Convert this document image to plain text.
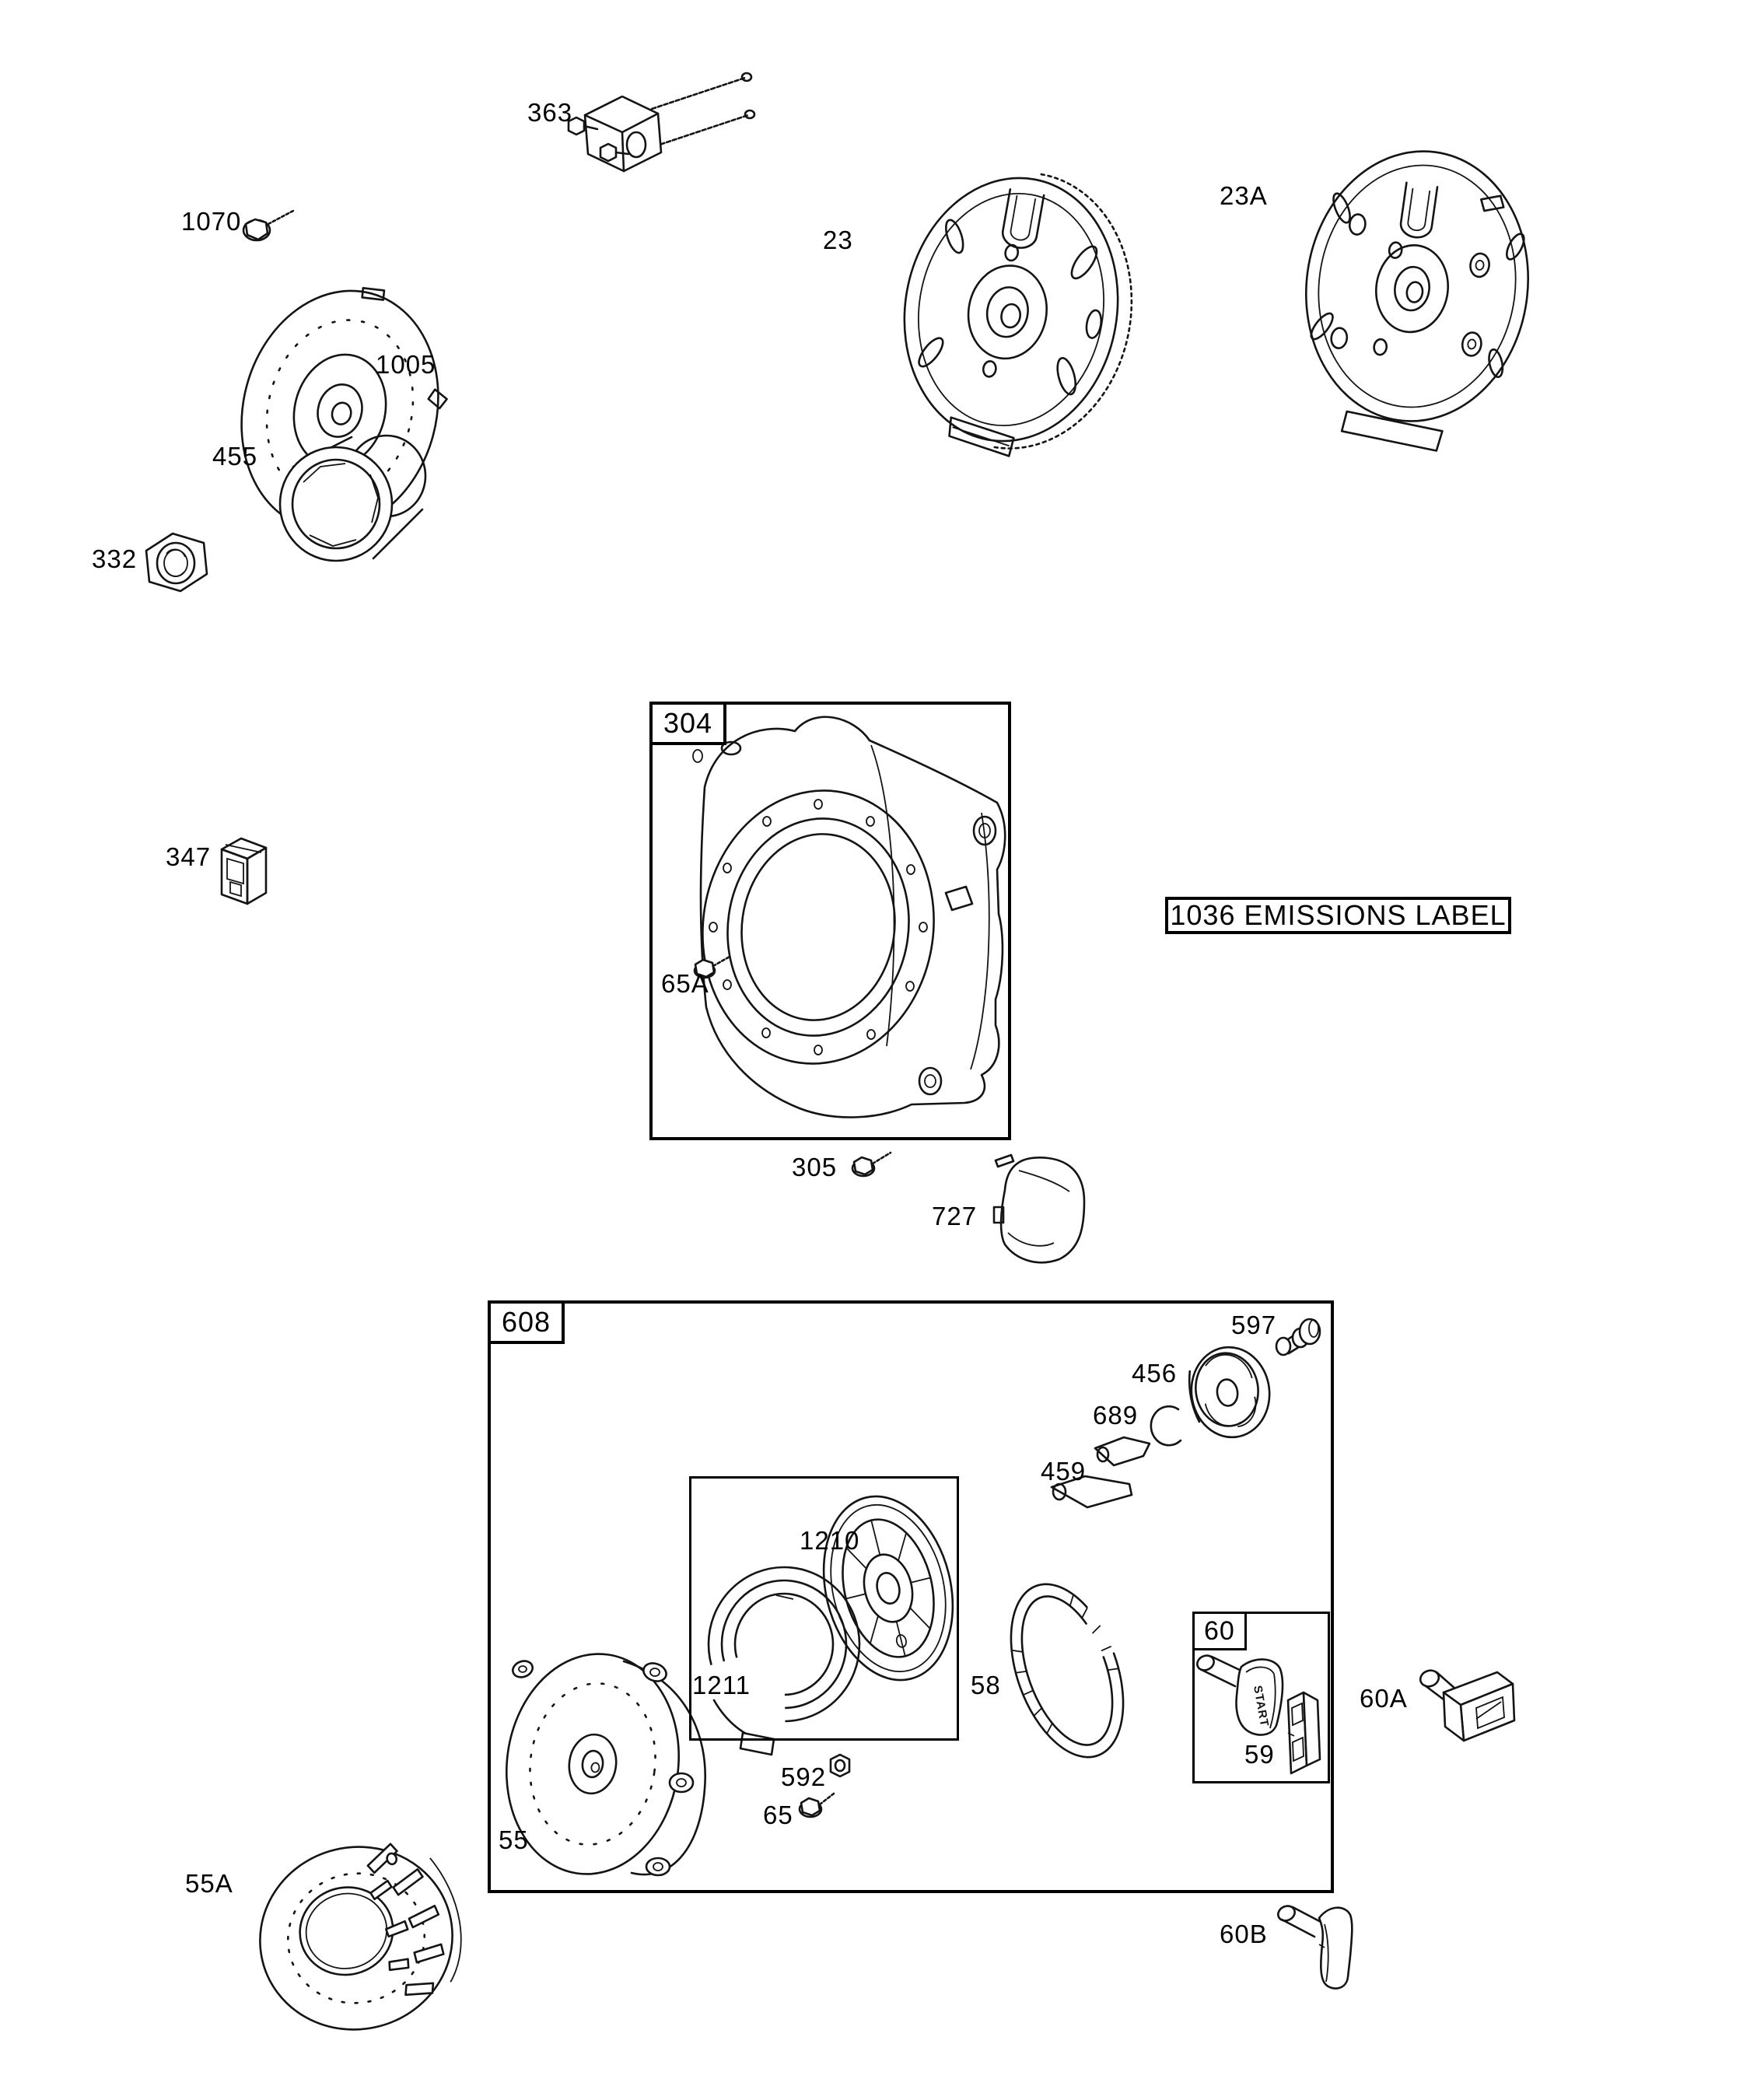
START
304
608
60
1036 EMISSIONS LABEL
363
1070
23
23A
1005
455
332
347
65A
305
727
597
456
689
459
1210
1211	58
592
65
55
55A
59
60A
60B
